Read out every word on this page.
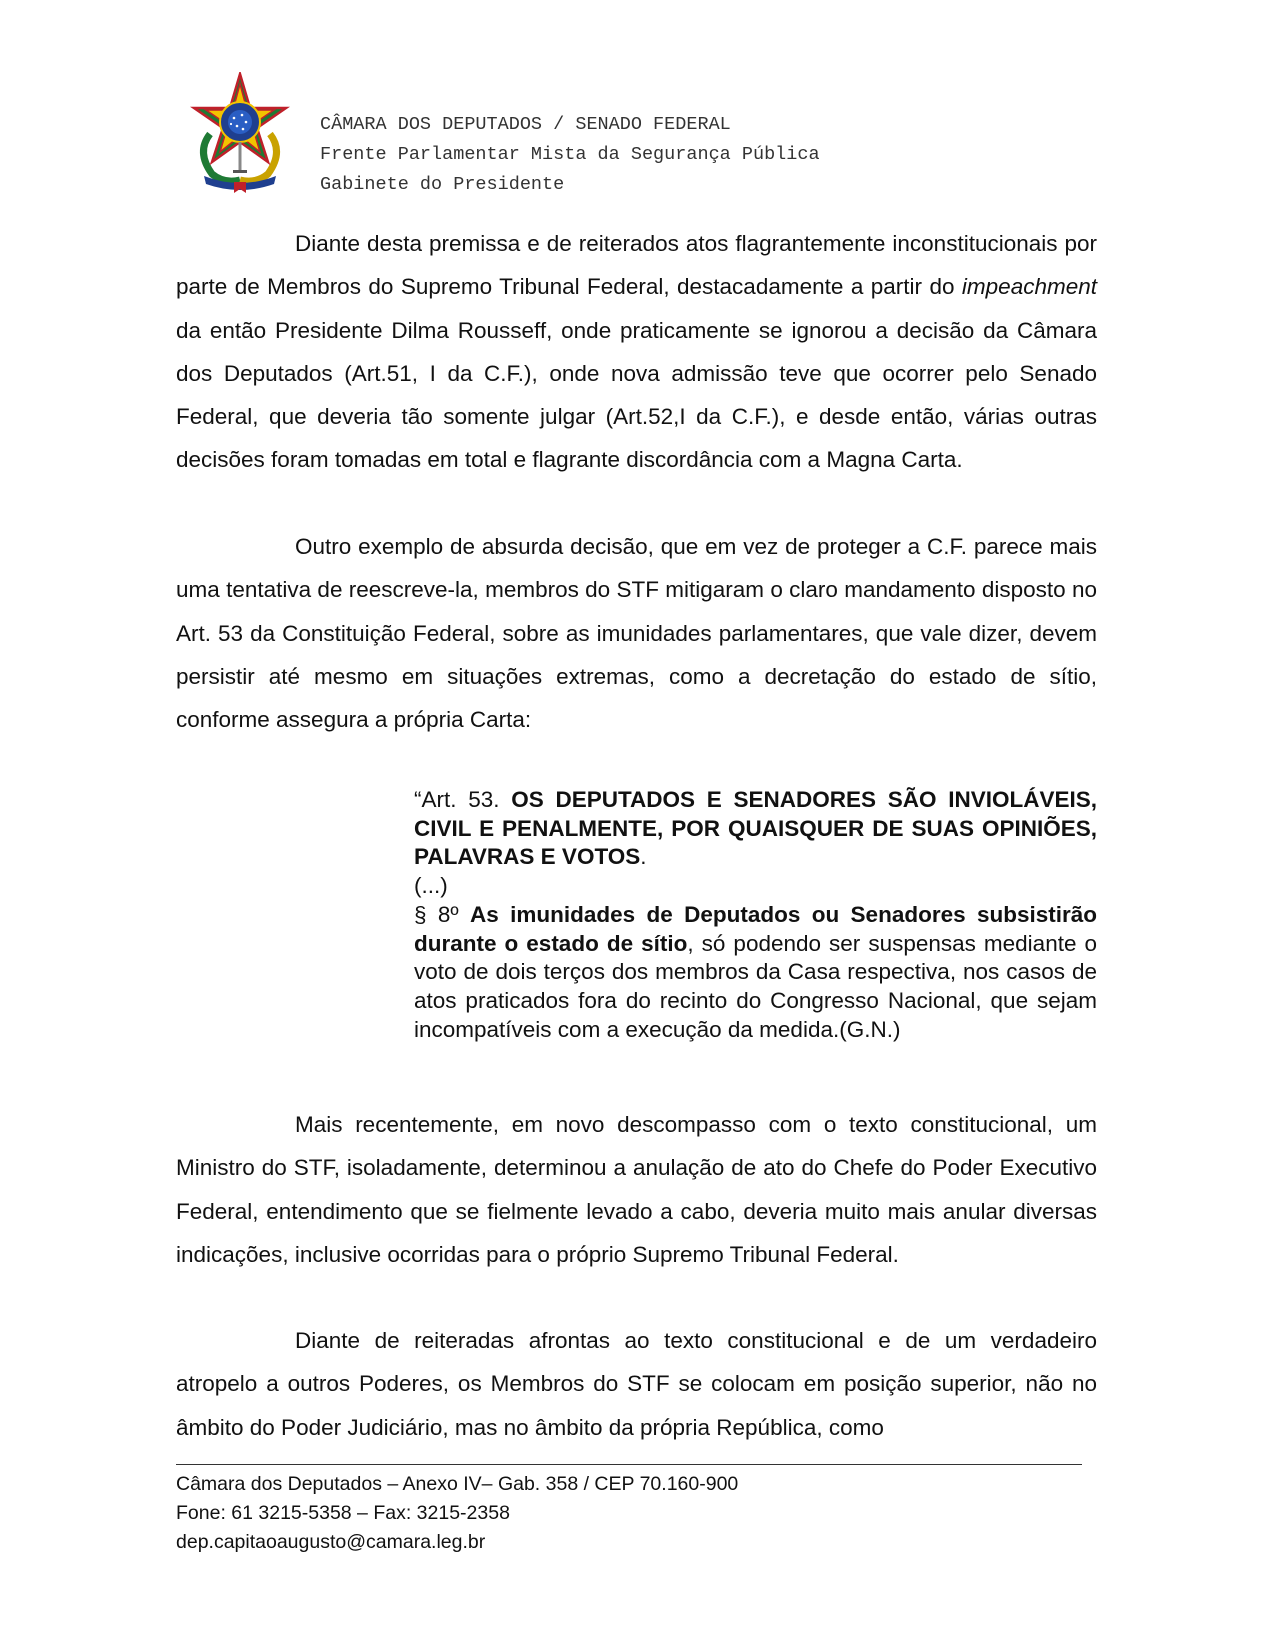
CÂMARA DOS DEPUTADOS / SENADO FEDERAL
Frente Parlamentar Mista da Segurança Pública
Gabinete do Presidente

Diante desta premissa e de reiterados atos flagrantemente inconstitucionais por parte de Membros do Supremo Tribunal Federal, destacadamente a partir do impeachment da então Presidente Dilma Rousseff, onde praticamente se ignorou a decisão da Câmara dos Deputados (Art.51, I da C.F.), onde nova admissão teve que ocorrer pelo Senado Federal, que deveria tão somente julgar (Art.52,I da C.F.), e desde então, várias outras decisões foram tomadas em total e flagrante discordância com a Magna Carta.

Outro exemplo de absurda decisão, que em vez de proteger a C.F. parece mais uma tentativa de reescreve-la, membros do STF mitigaram o claro mandamento disposto no Art. 53 da Constituição Federal, sobre as imunidades parlamentares, que vale dizer, devem persistir até mesmo em situações extremas, como a decretação do estado de sítio, conforme assegura a própria Carta:

“Art. 53. OS DEPUTADOS E SENADORES SÃO INVIOLÁVEIS, CIVIL E PENALMENTE, POR QUAISQUER DE SUAS OPINIÕES, PALAVRAS E VOTOS.

(...)

§ 8º As imunidades de Deputados ou Senadores subsistirão durante o estado de sítio, só podendo ser suspensas mediante o voto de dois terços dos membros da Casa respectiva, nos casos de atos praticados fora do recinto do Congresso Nacional, que sejam incompatíveis com a execução da medida.(G.N.)

Mais recentemente, em novo descompasso com o texto constitucional, um Ministro do STF, isoladamente, determinou a anulação de ato do Chefe do Poder Executivo Federal, entendimento que se fielmente levado a cabo, deveria muito mais anular diversas indicações, inclusive ocorridas para o próprio Supremo Tribunal Federal.

Diante de reiteradas afrontas ao texto constitucional e de um verdadeiro atropelo a outros Poderes, os Membros do STF se colocam em posição superior, não no âmbito do Poder Judiciário, mas no âmbito da própria República, como

Câmara dos Deputados – Anexo IV– Gab. 358 / CEP 70.160-900
Fone: 61 3215-5358 – Fax: 3215-2358
dep.capitaoaugusto@camara.leg.br
